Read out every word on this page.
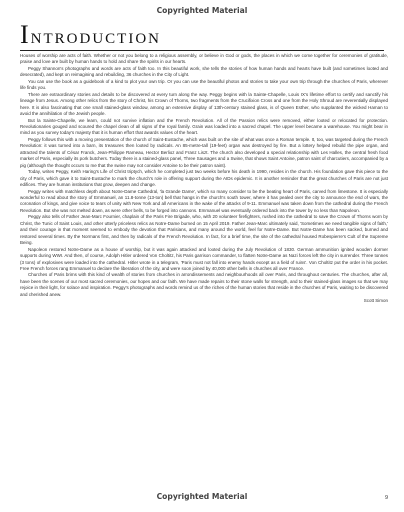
Copyrighted Material
Introduction

Houses of worship are acts of faith. Whether or not you belong to a religious assembly, or believe in God or gods, the places in which we come together for ceremonies of gratitude, praise and love are built by human hands to hold and share the spirits in our hearts.

Peggy Shannon's photographs and words are acts of faith too. In this beautiful work, she tells the stories of how human hands and hearts have built (and sometimes looted and desecrated), and kept on reimagining and rebuilding, 36 churches in the City of Light.

You can use the book as a guidebook of a kind to plot your own trip. Or you can use the beautiful photos and stories to take your own trip through the churches of Paris, wherever life finds you.

There are extraordinary stories and details to be discovered at every turn along the way. Peggy begins with la Sainte-Chapelle, Louis IX's lifetime effort to certify and sanctify his lineage from Jesus. Among other relics from the story of Christ, his Crown of Thorns, two fragments from the Crucifixion Cross and one from the Holy Shroud are reverentially displayed here. It is also fascinating that one small stained-glass window, among an extensive display of 13th-century stained glass, is of Queen Esther, who supplanted the wicked Haman to avoid the annihilation of the Jewish people.

But la Sainte-Chapelle, we learn, could not survive inflation and the French Revolution. All of the Passion relics were removed, either looted or relocated for protection. Revolutionaries gouged and scoured the chapel clean of all signs of the royal family. Grain was loaded into a sacred chapel. The upper level became a warehouse. You might bear in mind as you survey today's majesty that it is human effort that awards values of the heart.

Peggy follows this with a moving presentation of the church of Saint-Eustache, which was built on the site of what was once a Roman temple. It, too, was targeted during the French Revolution: it was turned into a barn, its treasures then looted by radicals. An 85-metre-tall (19-feet) organ was destroyed by fire. But a lottery helped rebuild the pipe organ, and attracted the talents of César Franck, Jean-Philippe Rameau, Hector Berlioz and Franz Liszt. The church also developed a special relationship with Les Halles, the central fresh food market of Paris, especially its pork butchers. Today there is a stained-glass panel, Three Sausages and a Swine, that shows Saint Antoine, patron saint of charcutiers, accompanied by a pig (although the thought occurs to me that the swine may not consider Antoine to be their patron saint).

Today, writes Peggy, Keith Haring's Life of Christ triptych, which he completed just two weeks before his death in 1990, resides in the church. His foundation gave this piece to the city of Paris, which gave it to Saint-Eustache to mark the church's role in offering support during the AIDs epidemic. It is another reminder that the great churches of Paris are not just edifices. They are human institutions that grow, deepen and change.

Peggy writes with matchless depth about Notre-Dame Cathedral, 'la Grande Dame', which so many consider to be the beating heart of Paris, carved from limestone. It is especially wonderful to read about the story of Emmanuel, an 11.8-tonne (13-ton) bell that hangs in the church's south tower, where it has pealed over the city to announce the end of wars, the coronation of kings, and give voice to tears of unity with New York and all Americans in the wake of the attacks of 9-11. Emmanuel was taken down from the cathedral during the French Revolution. But she was not melted down, as were other bells, to be forged into cannons. Emmanuel was eventually ordered back into the tower by no less than Napoleon.

Peggy also tells of Father Jean-Marc Fournier, chaplain of the Paris Fire Brigade, who, with 20 volunteer firefighters, rushed into the cathedral to save the Crown of Thorns worn by Christ, the Tunic of Saint Louis, and other utterly priceless relics as Notre-Dame burned on 15 April 2019. Father Jean-Marc ultimately said, 'Sometimes we need tangible signs of faith,' and their courage in that moment seemed to embody the devotion that Parisians, and many around the world, feel for Notre-Dame. But Notre-Dame has been sacked, burned and restored several times. By the Normans first, and then by radicals of the French Revolution. In fact, for a brief time, the site of the cathedral housed Robespierre's Cult of the Supreme Being.

Napoleon restored Notre-Dame as a house of worship, but it was again attacked and looted during the July Revolution of 1830. German ammunition ignited wooden dormer supports during WWI. And then, of course, Adolph Hitler ordered Von Choltitz, his Paris garrison commander, to flatten Notre-Dame as Nazi forces left the city in surrender. Three tonnes (3 tons) of explosives were loaded into the cathedral. Hitler wrote in a telegram, 'Paris must not fall into enemy hands except as a field of ruins'. Von Choltitz put the order in his pocket. Free French forces rang Emmanuel to declare the liberation of the city, and were soon joined by 40,000 other bells in churches all over France.

Churches of Paris brims with this kind of wealth of stories from churches in arrondissements and neighbourhoods all over Paris, and throughout centuries. The churches, after all, have been the scenes of our most sacred ceremonies, our hopes and our faith. We have made repairs to their stone walls for strength, and to their stained-glass images so that we may rejoice in their light, for solace and inspiration. Peggy's photographs and words remind us of the riches of the human stories that reside in the churches of Paris, waiting to be discovered and cherished anew.

Scott Simon

Copyrighted Material	9
